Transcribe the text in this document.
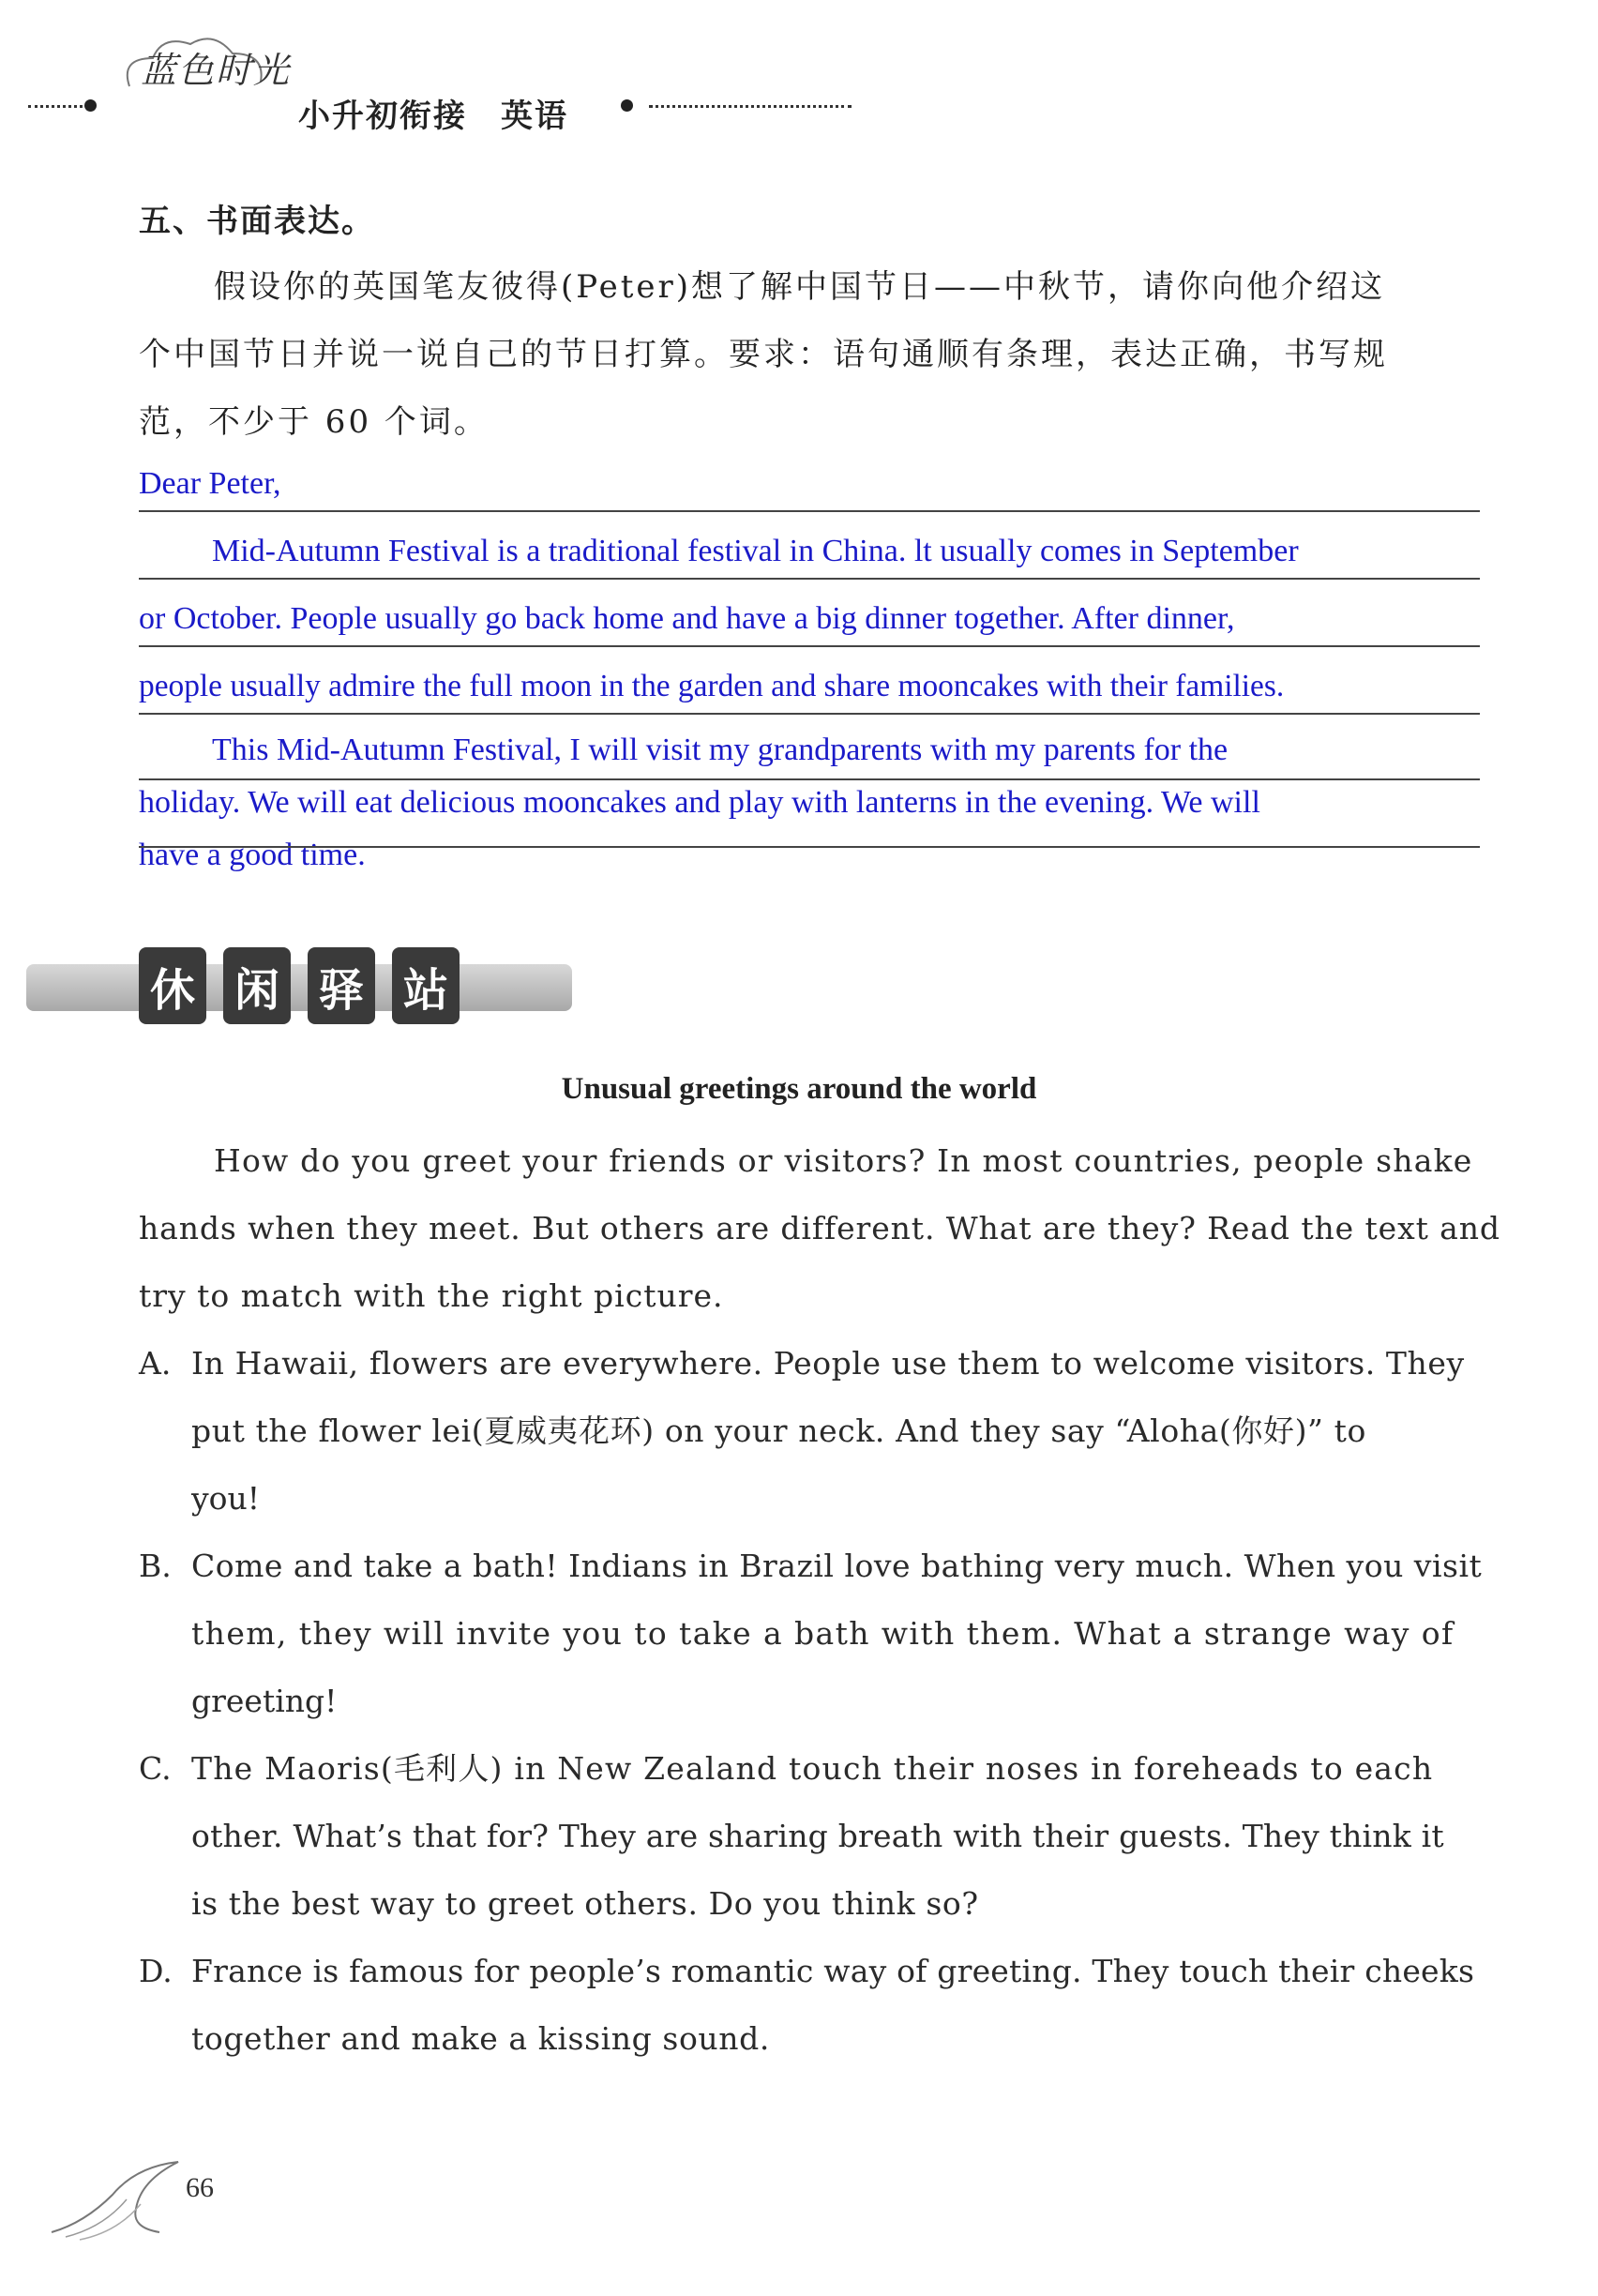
蓝色时光
小升初衔接　英语
五、书面表达。
假设你的英国笔友彼得(Peter)想了解中国节日——中秋节，请你向他介绍这
个中国节日并说一说自己的节日打算。要求：语句通顺有条理，表达正确，书写规
范，不少于 60 个词。
Dear Peter,
Mid-Autumn Festival is a traditional festival in China. lt usually comes in September
or October. People usually go back home and have a big dinner together. After dinner,
people usually admire the full moon in the garden and share mooncakes with their families.
This Mid-Autumn Festival, I will visit my grandparents with my parents for the
holiday. We will eat delicious mooncakes and play with lanterns in the evening. We will
have a good time.
休 闲 驿 站
Unusual greetings around the world
How do you greet your friends or visitors? In most countries, people shake
hands when they meet. But others are different. What are they? Read the text and
try to match with the right picture.
A. In Hawaii, flowers are everywhere. People use them to welcome visitors. They
put the flower lei(夏威夷花环) on your neck. And they say “Aloha(你好)” to
you!
B. Come and take a bath! Indians in Brazil love bathing very much. When you visit
them, they will invite you to take a bath with them. What a strange way of
greeting!
C. The Maoris(毛利人) in New Zealand touch their noses in foreheads to each
other. What’s that for? They are sharing breath with their guests. They think it
is the best way to greet others. Do you think so?
D. France is famous for people’s romantic way of greeting. They touch their cheeks
together and make a kissing sound.
66
